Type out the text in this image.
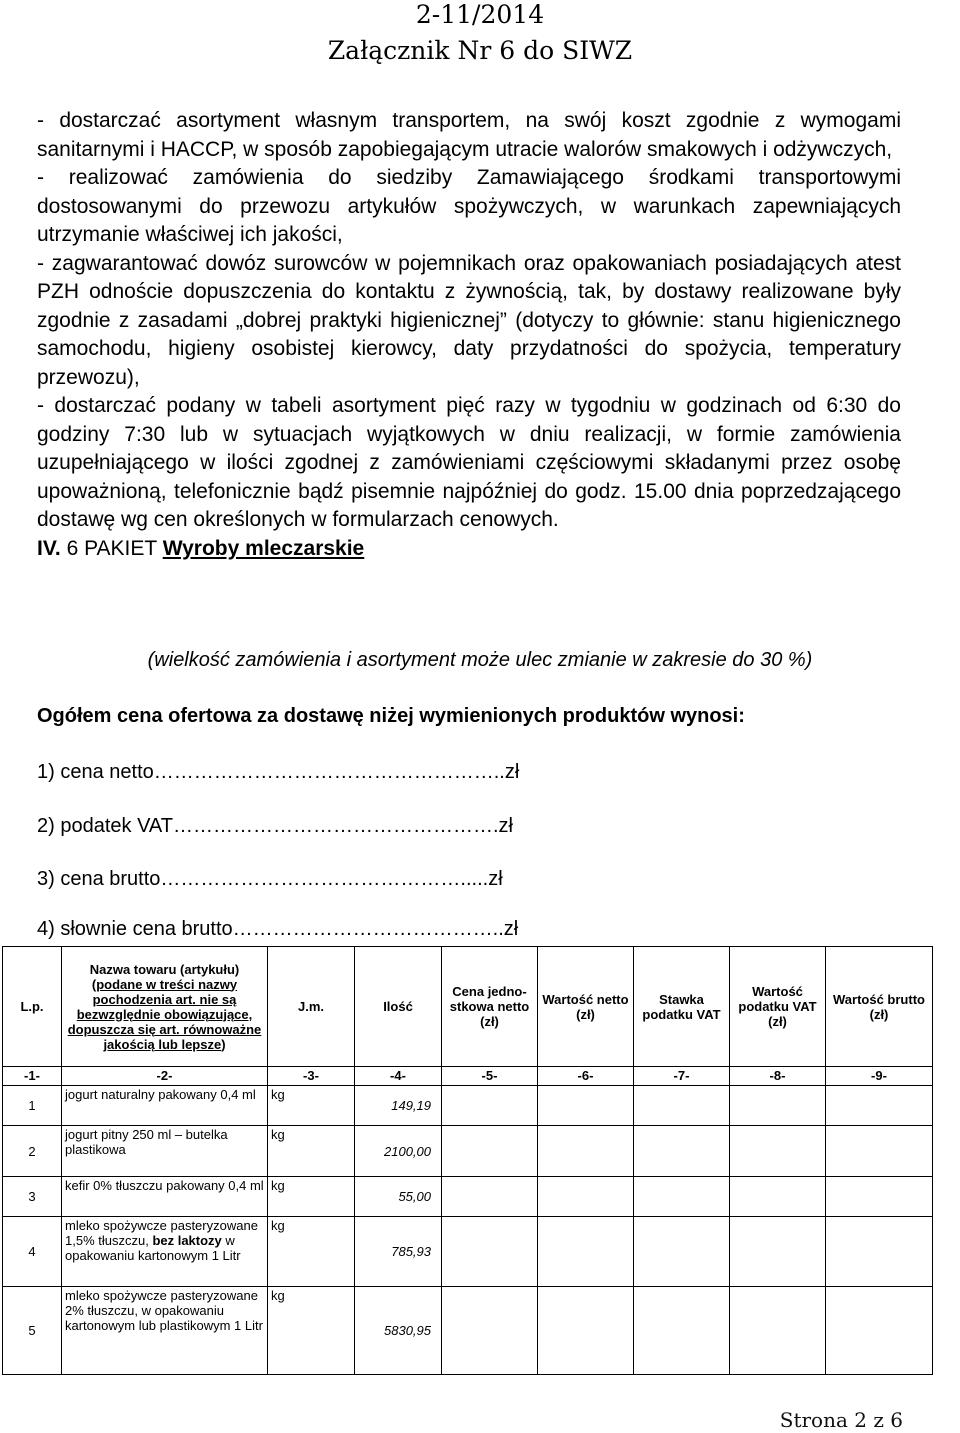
2-11/2014
Załącznik Nr 6 do SIWZ

- dostarczać asortyment własnym transportem, na swój koszt zgodnie z wymogami sanitarnymi i HACCP, w sposób zapobiegającym utracie walorów smakowych i odżywczych,

- realizować zamówienia do siedziby Zamawiającego środkami transportowymi dostosowanymi do przewozu artykułów spożywczych, w warunkach zapewniających utrzymanie właściwej ich jakości,

- zagwarantować dowóz surowców w pojemnikach oraz opakowaniach posiadających atest PZH odnoście dopuszczenia do kontaktu z żywnością, tak, by dostawy realizowane były zgodnie z zasadami „dobrej praktyki higienicznej” (dotyczy to głównie: stanu higienicznego samochodu, higieny osobistej kierowcy, daty przydatności do spożycia, temperatury przewozu),

- dostarczać podany w tabeli asortyment pięć razy w tygodniu w godzinach od 6:30 do godziny 7:30 lub w sytuacjach wyjątkowych w dniu realizacji, w formie zamówienia uzupełniającego w ilości zgodnej z zamówieniami częściowymi składanymi przez osobę upoważnioną, telefonicznie bądź pisemnie najpóźniej do godz. 15.00 dnia poprzedzającego dostawę wg cen określonych w formularzach cenowych.

IV. 6 PAKIET Wyroby mleczarskie

(wielkość zamówienia i asortyment może ulec zmianie w zakresie do 30 %)
Ogółem cena ofertowa za dostawę niżej wymienionych produktów wynosi:
1) cena netto……………………………………………..zł
2) podatek VAT………………………………………….zł
3) cena brutto……………………………………….....zł
4) słownie cena brutto…………………………………..zł
L.p.	Nazwa towaru (artykułu)
(podane w treści nazwy pochodzenia art. nie są bezwzględnie obowiązujące, dopuszcza się art. równoważne jakością lub lepsze)	J.m.	Ilość	Cena jedno-stkowa netto (zł)	Wartość netto (zł)	Stawka podatku VAT	Wartość podatku VAT (zł)	Wartość brutto (zł)
-1-	-2-	-3-	-4-	-5-	-6-	-7-	-8-	-9-
1	jogurt naturalny pakowany 0,4 ml	kg	149,19					
2	jogurt pitny 250 ml – butelka plastikowa	kg	2100,00					
3	kefir 0% tłuszczu pakowany 0,4 ml	kg	55,00					
4	mleko spożywcze pasteryzowane 1,5% tłuszczu, bez laktozy w opakowaniu kartonowym 1 Litr	kg	785,93					
5	mleko spożywcze pasteryzowane 2% tłuszczu, w opakowaniu kartonowym lub plastikowym 1 Litr	kg	5830,95					
Strona 2 z 6
